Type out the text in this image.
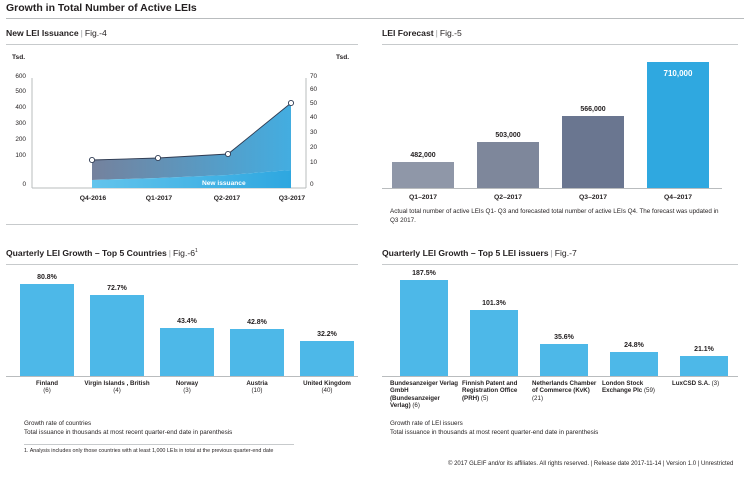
Growth in Total Number of Active LEIs
New LEI Issuance | Fig.-4
Tsd.	Tsd.
600
500
400
300
200
100
0
70
60
50
40
30
20
10
0
Total Active LEIs
New issuance
Q4-2016	Q1-2017	Q2-2017	Q3-2017
LEI Forecast | Fig.-5
482,000
503,000
566,000
710,000
Q1–2017	Q2–2017	Q3–2017	Q4–2017
Actual total number of active LEIs Q1- Q3 and forecasted total number of active LEIs Q4. The forecast was updated in Q3 2017.
Quarterly LEI Growth – Top 5 Countries | $Fig.-6^1$
80.8%
72.7%
43.4%	42.8%
32.2%
Finland
(6)
Virgin Islands , British
(4)
Norway
(3)
Austria
(10)
United Kingdom
(40)
Growth rate of countries
Total issuance in thousands at most recent quarter-end date in parenthesis
1. Analysis includes only those countries with at least 1,000 LEIs in total at the previous quarter-end date
Quarterly LEI Growth – Top 5 LEI issuers | Fig.-7
187.5%
101.3%
35.6%
24.8%
21.1%
Bundesanzeiger Verlag GmbH (Bundesanzeiger Verlag) (6)
Finnish Patent and Registration Office (PRH) (5)
Netherlands Chamber of Commerce (KvK) (21)
London Stock Exchange Plc (59)
LuxCSD S.A. (3)
Growth rate of LEI issuers
Total issuance in thousands at most recent quarter-end date in parenthesis
© 2017 GLEIF and/or its affiliates. All rights reserved. | Release date 2017-11-14 | Version 1.0 | Unrestricted
